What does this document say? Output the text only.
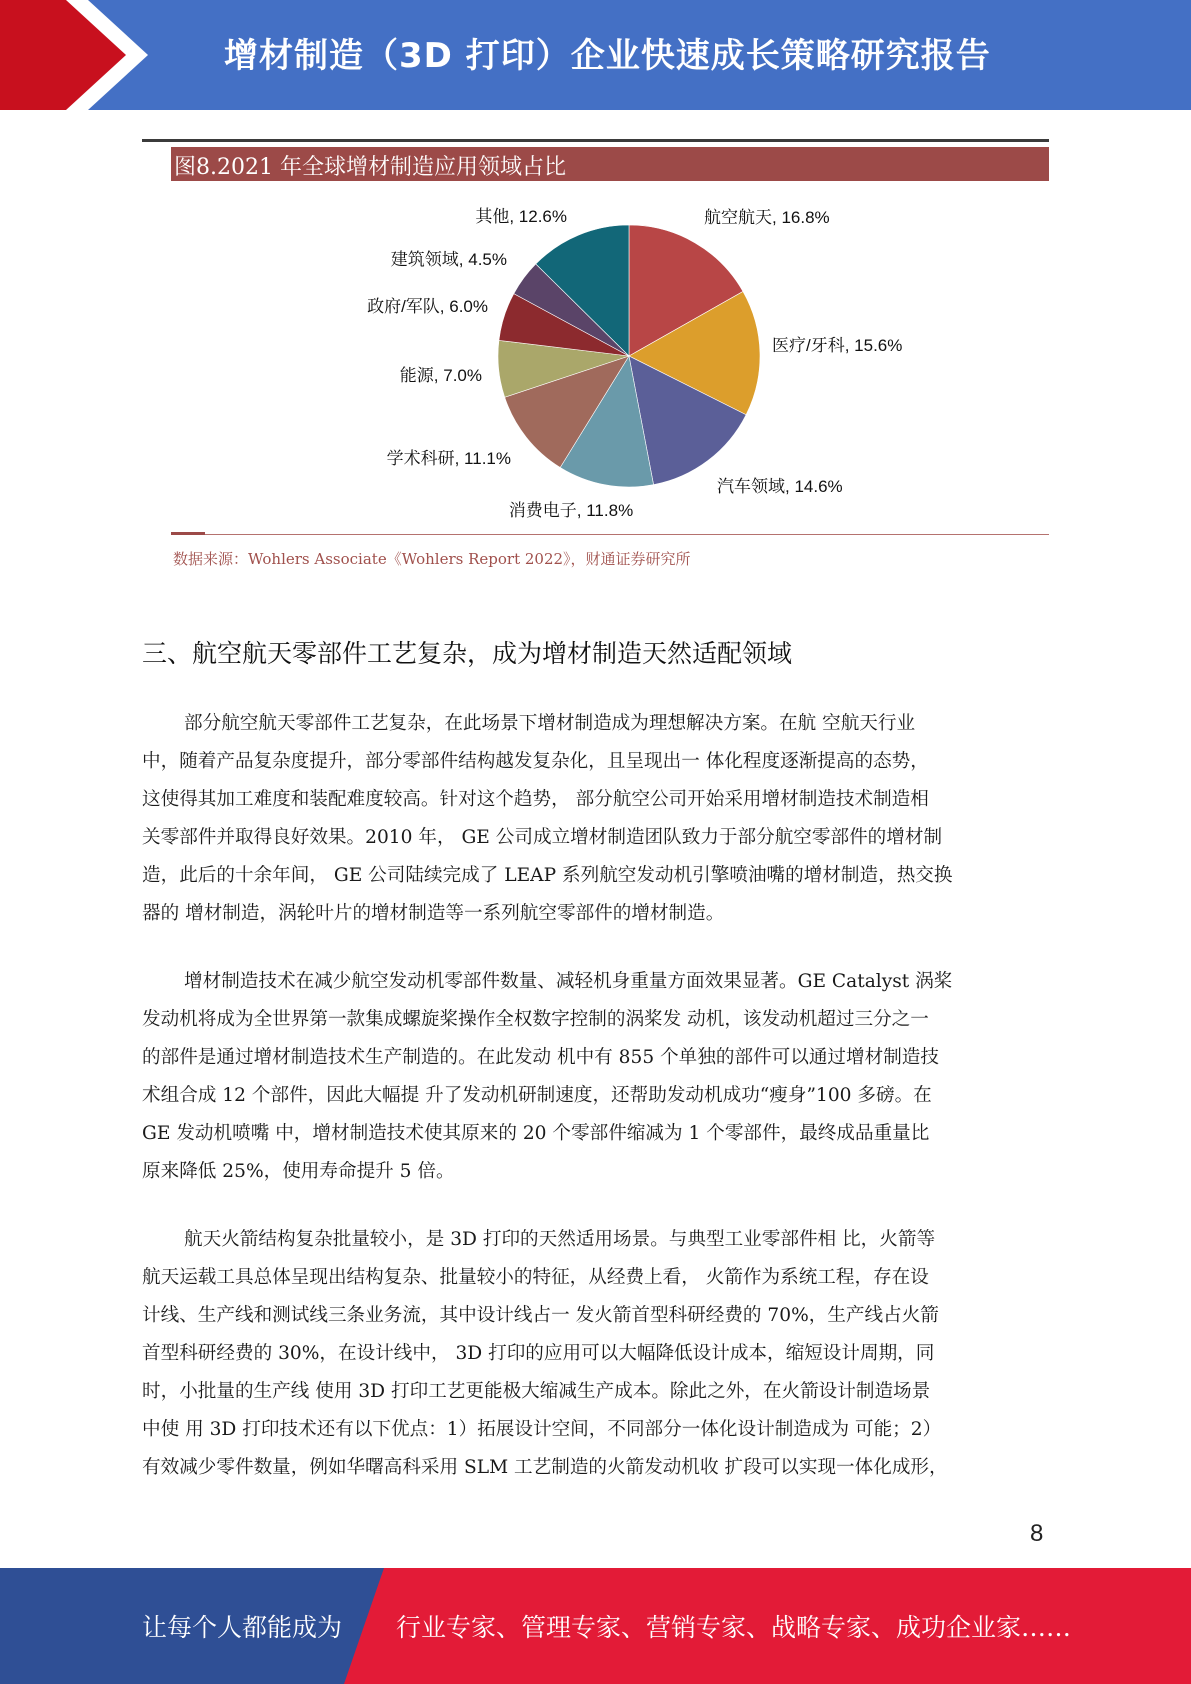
增材制造（3D 打印）企业快速成长策略研究报告
图8.2021 年全球增材制造应用领域占比
航空航天, 16.8%
医疗/牙科, 15.6%
汽车领域, 14.6%
消费电子, 11.8%
学术科研, 11.1%
能源, 7.0%
政府/军队, 6.0%
建筑领域, 4.5%
其他, 12.6%
数据来源：Wohlers Associate《Wohlers Report 2022》，财通证券研究所
三、航空航天零部件工艺复杂，成为增材制造天然适配领域
部分航空航天零部件工艺复杂，在此场景下增材制造成为理想解决方案。在航 空航天行业
中，随着产品复杂度提升，部分零部件结构越发复杂化，且呈现出一 体化程度逐渐提高的态势，
这使得其加工难度和装配难度较高。针对这个趋势， 部分航空公司开始采用增材制造技术制造相
关零部件并取得良好效果。2010 年， GE 公司成立增材制造团队致力于部分航空零部件的增材制
造，此后的十余年间， GE 公司陆续完成了 LEAP 系列航空发动机引擎喷油嘴的增材制造，热交换
器的 增材制造，涡轮叶片的增材制造等一系列航空零部件的增材制造。
增材制造技术在减少航空发动机零部件数量、减轻机身重量方面效果显著。GE Catalyst 涡桨
发动机将成为全世界第一款集成螺旋桨操作全权数字控制的涡桨发 动机，该发动机超过三分之一
的部件是通过增材制造技术生产制造的。在此发动 机中有 855 个单独的部件可以通过增材制造技
术组合成 12 个部件，因此大幅提 升了发动机研制速度，还帮助发动机成功“瘦身”100 多磅。在
GE 发动机喷嘴 中，增材制造技术使其原来的 20 个零部件缩减为 1 个零部件，最终成品重量比
原来降低 25%，使用寿命提升 5 倍。
航天火箭结构复杂批量较小，是 3D 打印的天然适用场景。与典型工业零部件相 比，火箭等
航天运载工具总体呈现出结构复杂、批量较小的特征，从经费上看， 火箭作为系统工程，存在设
计线、生产线和测试线三条业务流，其中设计线占一 发火箭首型科研经费的 70%，生产线占火箭
首型科研经费的 30%，在设计线中， 3D 打印的应用可以大幅降低设计成本，缩短设计周期，同
时，小批量的生产线 使用 3D 打印工艺更能极大缩减生产成本。除此之外，在火箭设计制造场景
中使 用 3D 打印技术还有以下优点：1）拓展设计空间，不同部分一体化设计制造成为 可能；2）
有效减少零件数量，例如华曙高科采用 SLM 工艺制造的火箭发动机收 扩段可以实现一体化成形，
8
让每个人都能成为 行业专家、管理专家、营销专家、战略专家、成功企业家……
